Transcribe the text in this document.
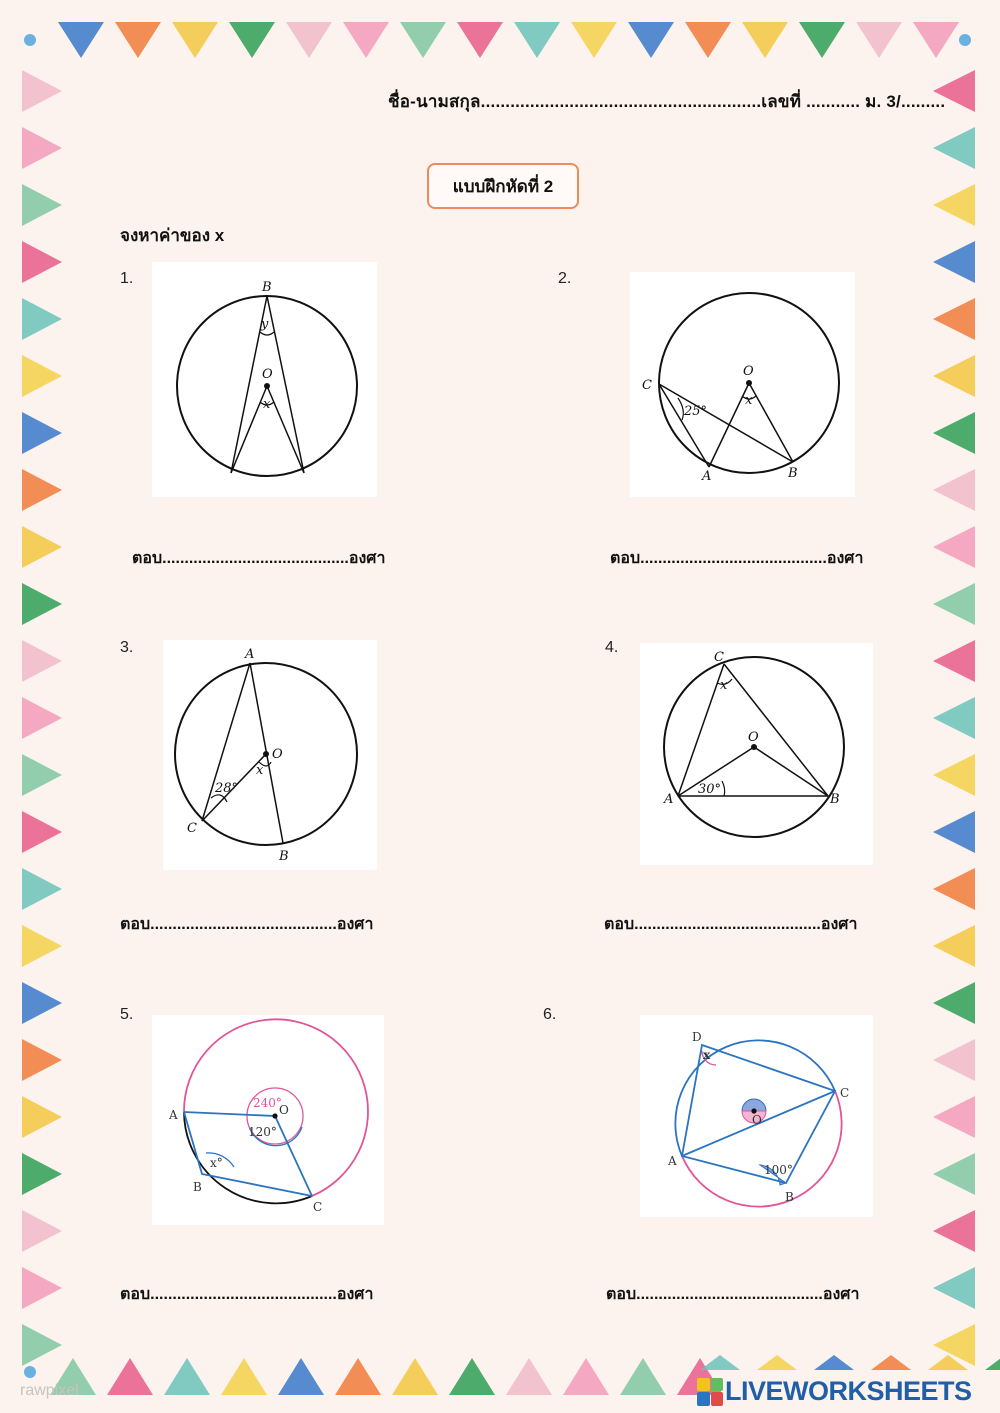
ชื่อ-นามสกุล.........................................................เลขที่ ........... ม. 3/.........
แบบฝึกหัดที่ 2
จงหาค่าของ x
1.
B
y
O
x
ตอบ..........................................องศา
2.
C
25°
O
x
A	B
ตอบ..........................................องศา
3.	A
O
x
28°
C
B
ตอบ..........................................องศา
4.
C
x
O
30°
A	B
ตอบ..........................................องศา
5.
A	O
240°
120°
x°
B
C
ตอบ..........................................องศา
6.
D
x
C
O
A
100°
B
ตอบ..........................................องศา
rawpixel	LIVEWORKSHEETS
